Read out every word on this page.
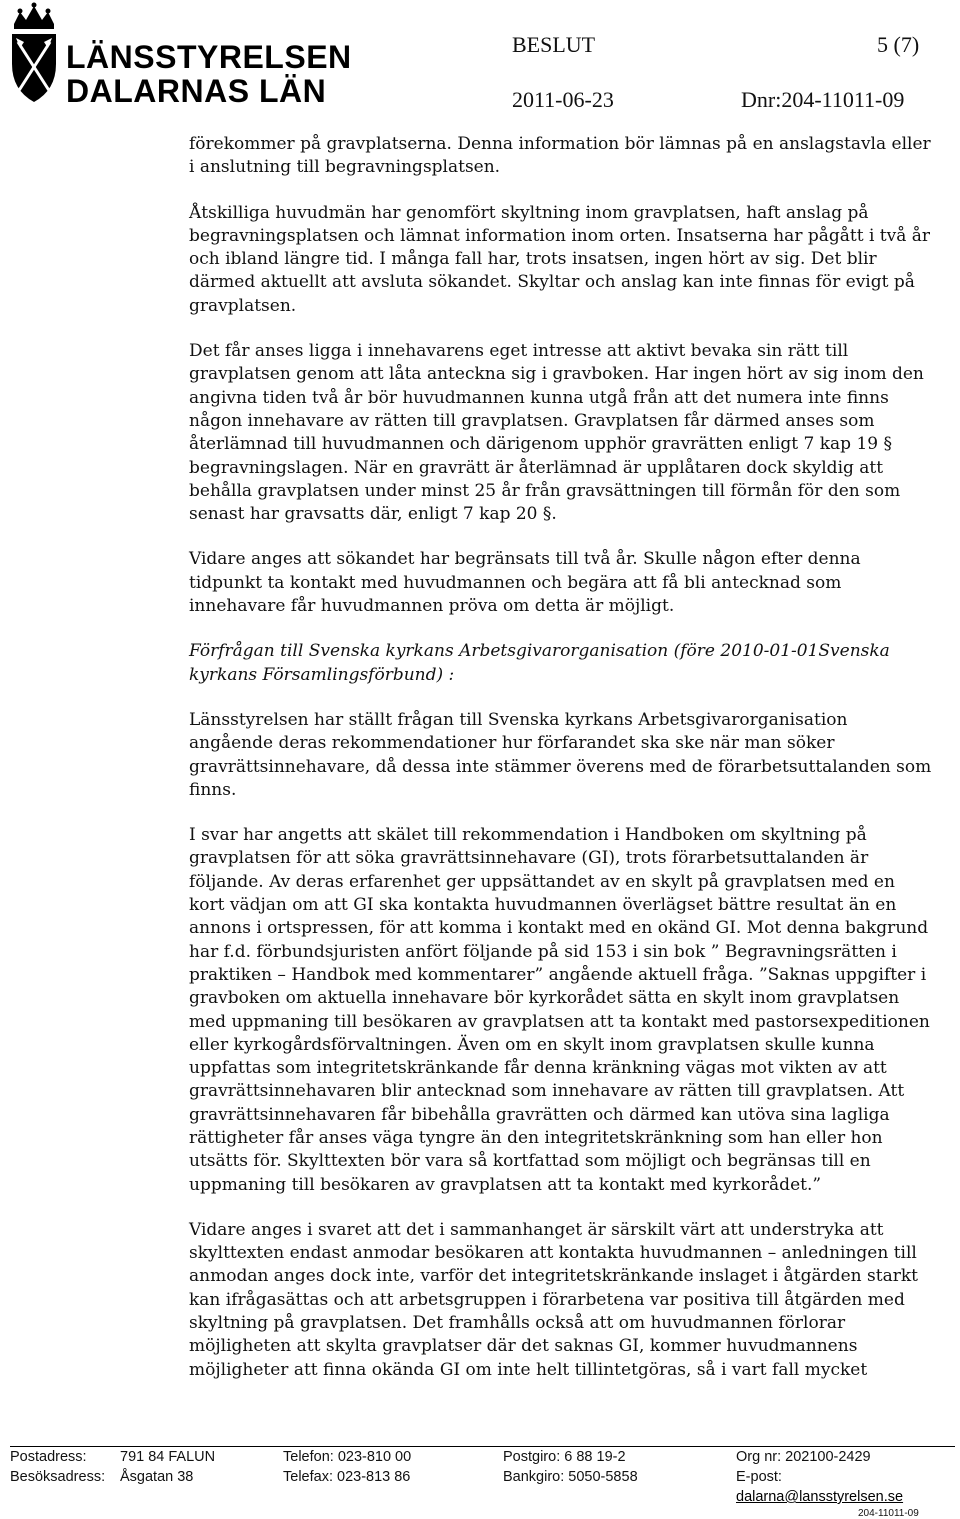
LÄNSSTYRELSEN
DALARNAS LÄN
BESLUT	5 (7)
2011-06-23	Dnr:204-11011-09

förekommer på gravplatserna. Denna information bör lämnas på en anslagstavla eller i anslutning till begravningsplatsen.

Åtskilliga huvudmän har genomfört skyltning inom gravplatsen, haft anslag på begravningsplatsen och lämnat information inom orten. Insatserna har pågått i två år och ibland längre tid. I många fall har, trots insatsen, ingen hört av sig. Det blir därmed aktuellt att avsluta sökandet. Skyltar och anslag kan inte finnas för evigt på gravplatsen.

Det får anses ligga i innehavarens eget intresse att aktivt bevaka sin rätt till gravplatsen genom att låta anteckna sig i gravboken. Har ingen hört av sig inom den angivna tiden två år bör huvudmannen kunna utgå från att det numera inte finns någon innehavare av rätten till gravplatsen. Gravplatsen får därmed anses som återlämnad till huvudmannen och därigenom upphör gravrätten enligt 7 kap 19 § begravningslagen. När en gravrätt är återlämnad är upplåtaren dock skyldig att behålla gravplatsen under minst 25 år från gravsättningen till förmån för den som senast har gravsatts där, enligt 7 kap 20 §.

Vidare anges att sökandet har begränsats till två år. Skulle någon efter denna tidpunkt ta kontakt med huvudmannen och begära att få bli antecknad som innehavare får huvudmannen pröva om detta är möjligt.

Förfrågan till Svenska kyrkans Arbetsgivarorganisation (före 2010-01-01Svenska kyrkans Församlingsförbund) :

Länsstyrelsen har ställt frågan till Svenska kyrkans Arbetsgivarorganisation angående deras rekommendationer hur förfarandet ska ske när man söker gravrättsinnehavare, då dessa inte stämmer överens med de förarbetsuttalanden som finns.

I svar har angetts att skälet till rekommendation i Handboken om skyltning på gravplatsen för att söka gravrättsinnehavare (GI), trots förarbetsuttalanden är följande. Av deras erfarenhet ger uppsättandet av en skylt på gravplatsen med en kort vädjan om att GI ska kontakta huvudmannen överlägset bättre resultat än en annons i ortspressen, för att komma i kontakt med en okänd GI. Mot denna bakgrund har f.d. förbundsjuristen anfört följande på sid 153 i sin bok ” Begravningsrätten i praktiken – Handbok med kommentarer” angående aktuell fråga. ”Saknas uppgifter i gravboken om aktuella innehavare bör kyrkorådet sätta en skylt inom gravplatsen med uppmaning till besökaren av gravplatsen att ta kontakt med pastorsexpeditionen eller kyrkogårdsförvaltningen. Även om en skylt inom gravplatsen skulle kunna uppfattas som integritetskränkande får denna kränkning vägas mot vikten av att gravrättsinnehavaren blir antecknad som innehavare av rätten till gravplatsen. Att gravrättsinnehavaren får bibehålla gravrätten och därmed kan utöva sina lagliga rättigheter får anses väga tyngre än den integritetskränkning som han eller hon utsätts för. Skylttexten bör vara så kortfattad som möjligt och begränsas till en uppmaning till besökaren av gravplatsen att ta kontakt med kyrkorådet.”

Vidare anges i svaret att det i sammanhanget är särskilt värt att understryka att skylttexten endast anmodar besökaren att kontakta huvudmannen – anledningen till anmodan anges dock inte, varför det integritetskränkande inslaget i åtgärden starkt kan ifrågasättas och att arbetsgruppen i förarbetena var positiva till åtgärden med skyltning på gravplatsen. Det framhålls också att om huvudmannen förlorar möjligheten att skylta gravplatser där det saknas GI, kommer huvudmannens möjligheter att finna okända GI om inte helt tillintetgöras, så i vart fall mycket

Postadress: 791 84 FALUN	Telefon: 023-810 00	Postgiro: 6 88 19-2	Org nr: 202100-2429
Besöksadress: Åsgatan 38	Telefax: 023-813 86	Bankgiro: 5050-5858	E-post:
dalarna@lansstyrelsen.se
204-11011-09
